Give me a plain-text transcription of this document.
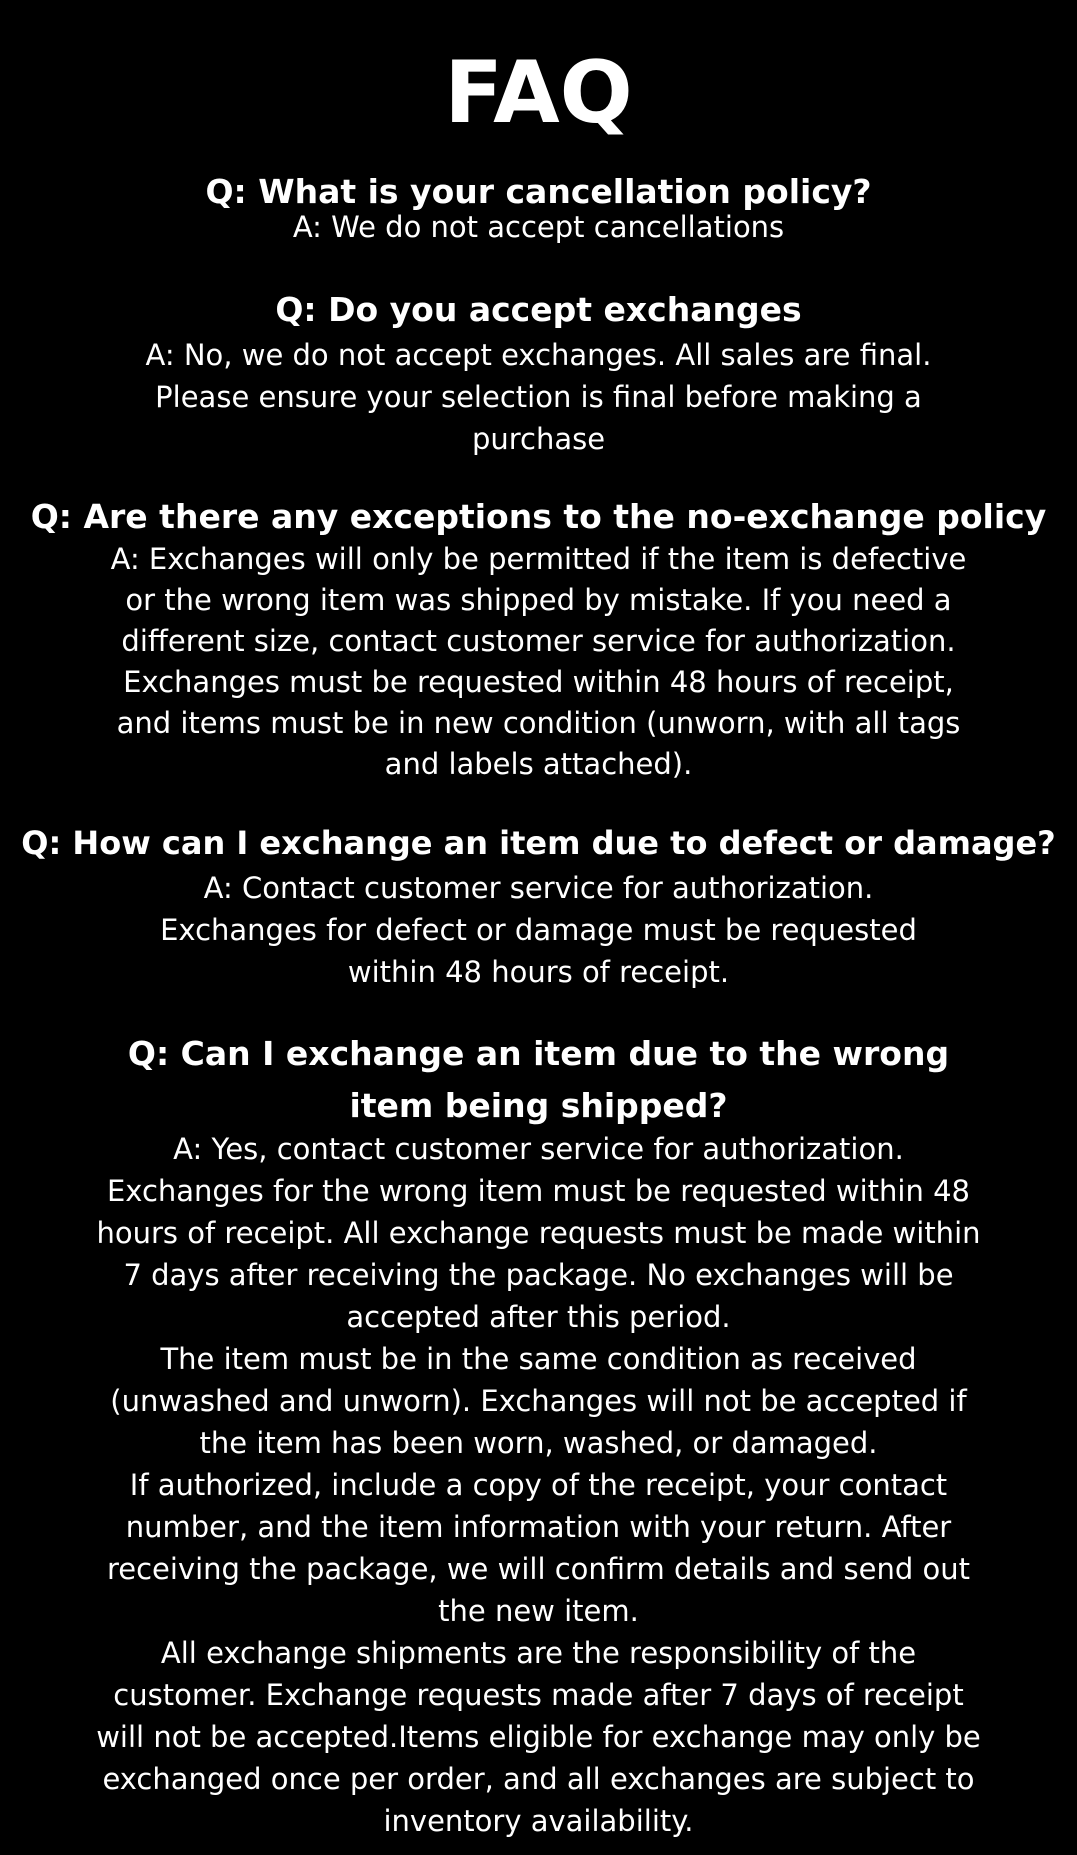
FAQ

Q: What is your cancellation policy?

A: We do not accept cancellations

Q: Do you accept exchanges

A: No, we do not accept exchanges. All sales are final.
Please ensure your selection is final before making a
purchase

Q: Are there any exceptions to the no-exchange policy

A: Exchanges will only be permitted if the item is defective
or the wrong item was shipped by mistake. If you need a
different size, contact customer service for authorization.
Exchanges must be requested within 48 hours of receipt,
and items must be in new condition (unworn, with all tags
and labels attached).

Q: How can I exchange an item due to defect or damage?

A: Contact customer service for authorization.
Exchanges for defect or damage must be requested
within 48 hours of receipt.

Q: Can I exchange an item due to the wrong
item being shipped?

A: Yes, contact customer service for authorization.
Exchanges for the wrong item must be requested within 48
hours of receipt. All exchange requests must be made within
7 days after receiving the package. No exchanges will be
accepted after this period.
The item must be in the same condition as received
(unwashed and unworn). Exchanges will not be accepted if
the item has been worn, washed, or damaged.
If authorized, include a copy of the receipt, your contact
number, and the item information with your return. After
receiving the package, we will confirm details and send out
the new item.
All exchange shipments are the responsibility of the
customer. Exchange requests made after 7 days of receipt
will not be accepted.Items eligible for exchange may only be
exchanged once per order, and all exchanges are subject to
inventory availability.
